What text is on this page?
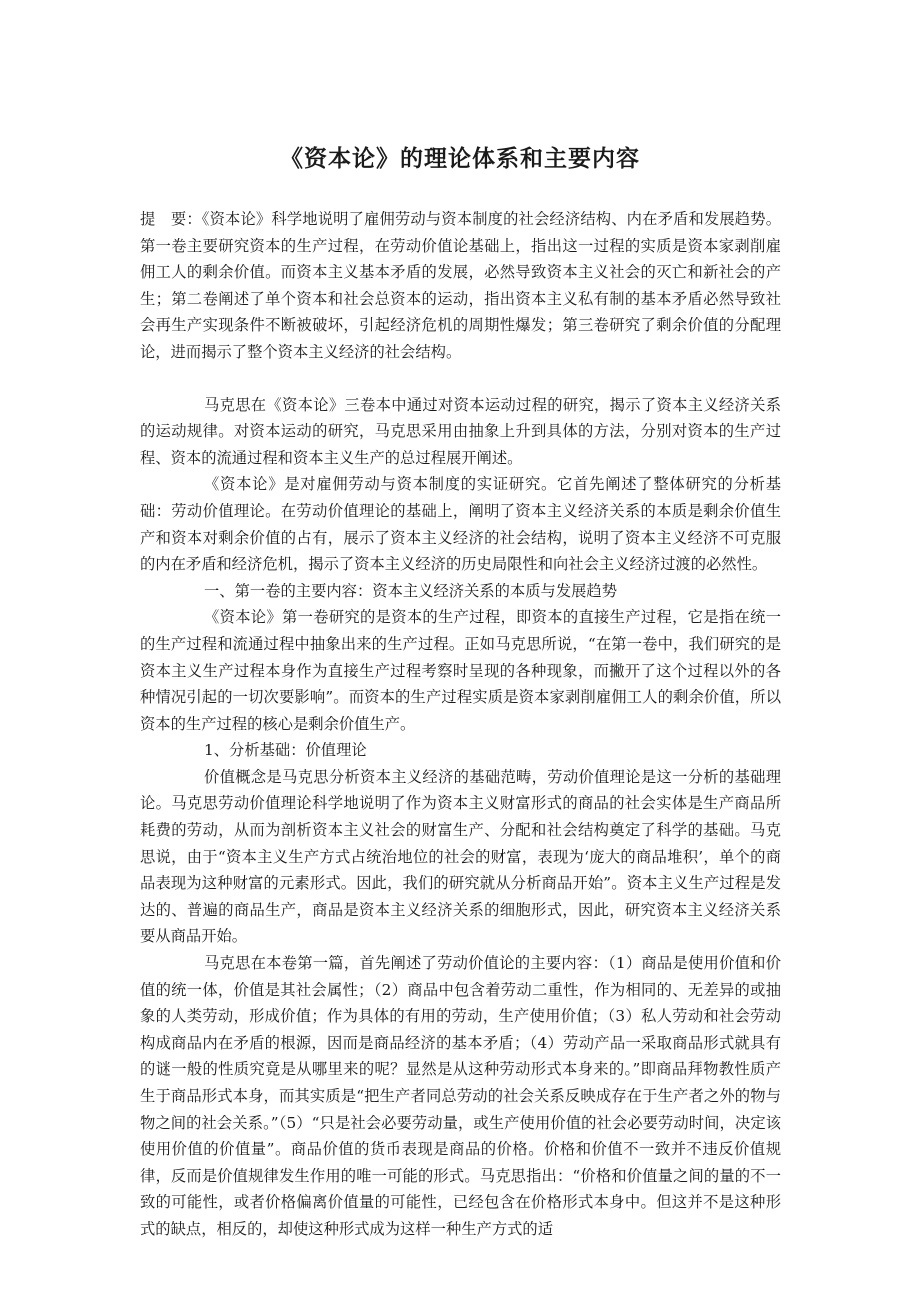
《资本论》的理论体系和主要内容

提　要：《资本论》科学地说明了雇佣劳动与资本制度的社会经济结构、内在矛盾和发展趋势。第一卷主要研究资本的生产过程，在劳动价值论基础上，指出这一过程的实质是资本家剥削雇佣工人的剩余价值。而资本主义基本矛盾的发展，必然导致资本主义社会的灭亡和新社会的产生；第二卷阐述了单个资本和社会总资本的运动，指出资本主义私有制的基本矛盾必然导致社会再生产实现条件不断被破坏，引起经济危机的周期性爆发；第三卷研究了剩余价值的分配理论，进而揭示了整个资本主义经济的社会结构。

马克思在《资本论》三卷本中通过对资本运动过程的研究，揭示了资本主义经济关系的运动规律。对资本运动的研究，马克思采用由抽象上升到具体的方法，分别对资本的生产过程、资本的流通过程和资本主义生产的总过程展开阐述。

《资本论》是对雇佣劳动与资本制度的实证研究。它首先阐述了整体研究的分析基础：劳动价值理论。在劳动价值理论的基础上，阐明了资本主义经济关系的本质是剩余价值生产和资本对剩余价值的占有，展示了资本主义经济的社会结构，说明了资本主义经济不可克服的内在矛盾和经济危机，揭示了资本主义经济的历史局限性和向社会主义经济过渡的必然性。

一、第一卷的主要内容：资本主义经济关系的本质与发展趋势

《资本论》第一卷研究的是资本的生产过程，即资本的直接生产过程，它是指在统一的生产过程和流通过程中抽象出来的生产过程。正如马克思所说，“在第一卷中，我们研究的是资本主义生产过程本身作为直接生产过程考察时呈现的各种现象，而撇开了这个过程以外的各种情况引起的一切次要影响”。而资本的生产过程实质是资本家剥削雇佣工人的剩余价值，所以资本的生产过程的核心是剩余价值生产。

1、分析基础：价值理论

价值概念是马克思分析资本主义经济的基础范畴，劳动价值理论是这一分析的基础理论。马克思劳动价值理论科学地说明了作为资本主义财富形式的商品的社会实体是生产商品所耗费的劳动，从而为剖析资本主义社会的财富生产、分配和社会结构奠定了科学的基础。马克思说，由于“资本主义生产方式占统治地位的社会的财富，表现为‘庞大的商品堆积’，单个的商品表现为这种财富的元素形式。因此，我们的研究就从分析商品开始”。资本主义生产过程是发达的、普遍的商品生产，商品是资本主义经济关系的细胞形式，因此，研究资本主义经济关系要从商品开始。

马克思在本卷第一篇，首先阐述了劳动价值论的主要内容：（1）商品是使用价值和价值的统一体，价值是其社会属性；（2）商品中包含着劳动二重性，作为相同的、无差异的或抽象的人类劳动，形成价值；作为具体的有用的劳动，生产使用价值；（3）私人劳动和社会劳动构成商品内在矛盾的根源，因而是商品经济的基本矛盾；（4）劳动产品一采取商品形式就具有的谜一般的性质究竟是从哪里来的呢？显然是从这种劳动形式本身来的。”即商品拜物教性质产生于商品形式本身，而其实质是“把生产者同总劳动的社会关系反映成存在于生产者之外的物与物之间的社会关系。”（5）“只是社会必要劳动量，或生产使用价值的社会必要劳动时间，决定该使用价值的价值量”。商品价值的货币表现是商品的价格。价格和价值不一致并不违反价值规律，反而是价值规律发生作用的唯一可能的形式。马克思指出：“价格和价值量之间的量的不一致的可能性，或者价格偏离价值量的可能性，已经包含在价格形式本身中。但这并不是这种形式的缺点，相反的，却使这种形式成为这样一种生产方式的适
